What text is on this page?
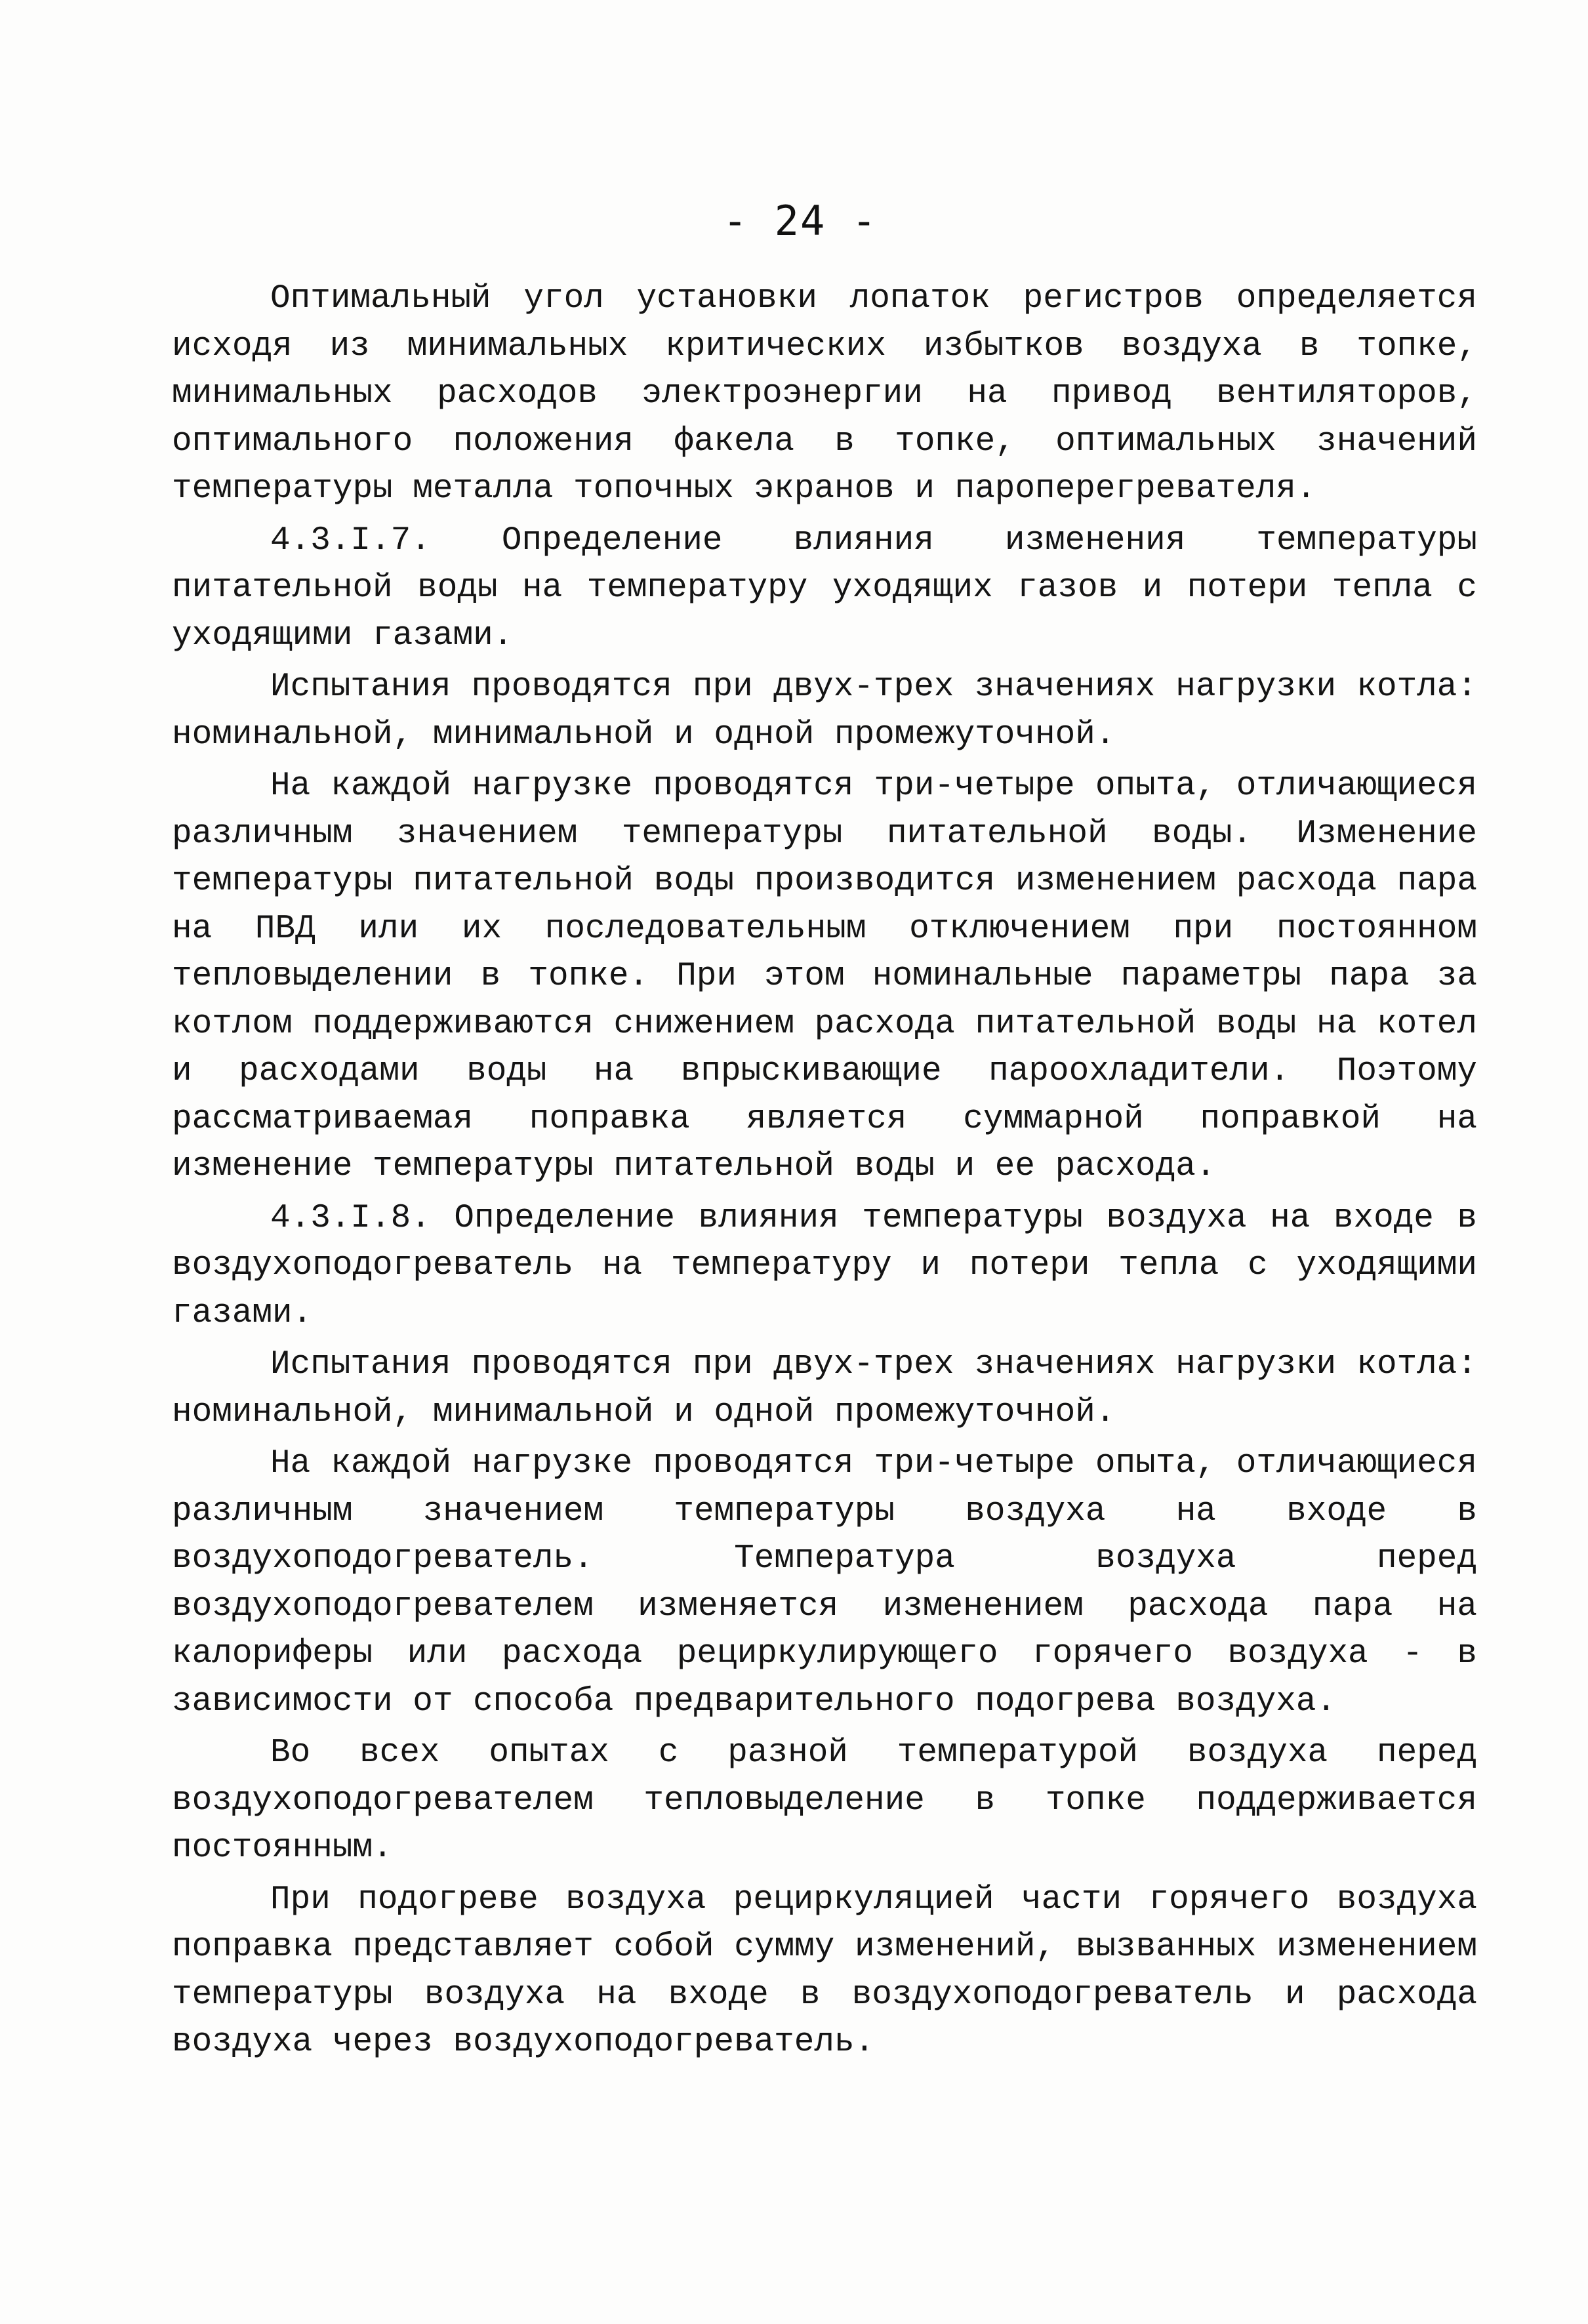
- 24 -

Оптимальный угол установки лопаток регистров определяется исходя из минимальных критических избытков воздуха в топке, минимальных расходов электроэнергии на привод вентиляторов, оптимального положения факела в топке, оптимальных значений температуры металла топочных экранов и пароперегревателя.

4.3.I.7. Определение влияния изменения температуры питательной воды на температуру уходящих газов и потери тепла с уходящими газами.

Испытания проводятся при двух-трех значениях нагрузки котла: номинальной, минимальной и одной промежуточной.

На каждой нагрузке проводятся три-четыре опыта, отличающиеся различным значением температуры питательной воды. Изменение температуры питательной воды производится изменением расхода пара на ПВД или их последовательным отключением при постоянном тепловыделении в топке. При этом номинальные параметры пара за котлом поддерживаются снижением расхода питательной воды на котел и расходами воды на впрыскивающие пароохладители. Поэтому рассматриваемая поправка является суммарной поправкой на изменение температуры питательной воды и ее расхода.

4.3.I.8. Определение влияния температуры воздуха на входе в воздухоподогреватель на температуру и потери тепла с уходящими газами.

Испытания проводятся при двух-трех значениях нагрузки котла: номинальной, минимальной и одной промежуточной.

На каждой нагрузке проводятся три-четыре опыта, отличающиеся различным значением температуры воздуха на входе в воздухоподогреватель. Температура воздуха перед воздухоподогревателем изменяется изменением расхода пара на калориферы или расхода рециркулирующего горячего воздуха - в зависимости от способа предварительного подогрева воздуха.

Во всех опытах с разной температурой воздуха перед воздухоподогревателем тепловыделение в топке поддерживается постоянным.

При подогреве воздуха рециркуляцией части горячего воздуха поправка представляет собой сумму изменений, вызванных изменением температуры воздуха на входе в воздухоподогреватель и расхода воздуха через воздухоподогреватель.
